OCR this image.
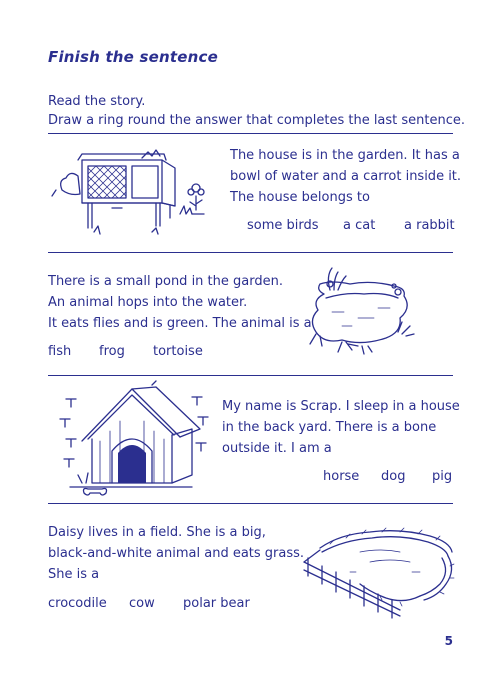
Finish the sentence
Read the story.
Draw a ring round the answer that completes the last sentence.
The house is in the garden. It has a
bowl of water and a carrot inside it.
The house belongs to
some birds a cat a rabbit
There is a small pond in the garden.
An animal hops into the water.
It eats flies and is green. The animal is a
fish frog tortoise
My name is Scrap. I sleep in a house
in the back yard. There is a bone
outside it. I am a
horse dog pig
Daisy lives in a field. She is a big,
black-and-white animal and eats grass.
She is a
crocodile cow polar bear
5
